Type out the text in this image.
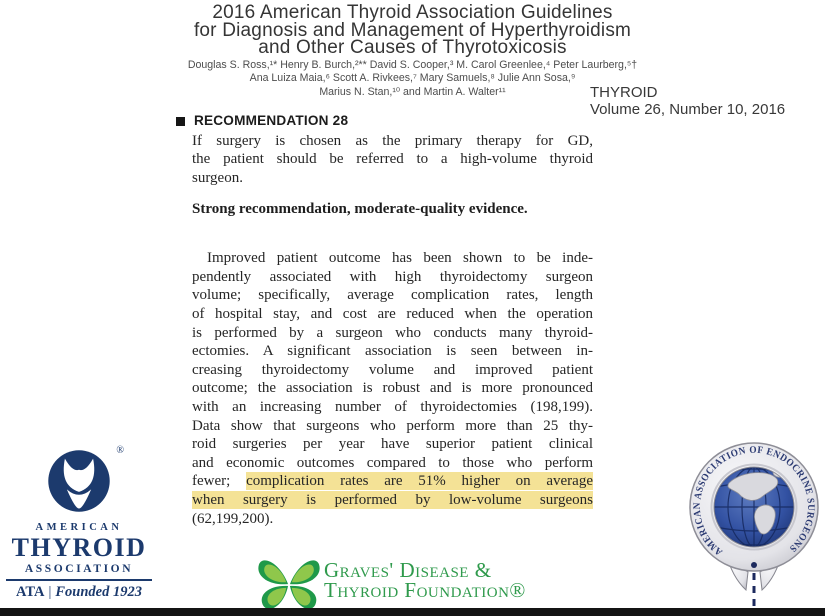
2016 American Thyroid Association Guidelines
for Diagnosis and Management of Hyperthyroidism
and Other Causes of Thyrotoxicosis
Douglas S. Ross,¹* Henry B. Burch,²** David S. Cooper,³ M. Carol Greenlee,⁴ Peter Laurberg,⁵†
Ana Luiza Maia,⁶ Scott A. Rivkees,⁷ Mary Samuels,⁸ Julie Ann Sosa,⁹
Marius N. Stan,¹⁰ and Martin A. Walter¹¹	THYROID
Volume 26, Number 10, 2016
RECOMMENDATION 28
If surgery is chosen as the primary therapy for GD,
the patient should be referred to a high-volume thyroid
surgeon.
Strong recommendation, moderate-quality evidence.
Improved patient outcome has been shown to be inde-
pendently associated with high thyroidectomy surgeon
volume; specifically, average complication rates, length
of hospital stay, and cost are reduced when the operation
is performed by a surgeon who conducts many thyroid-
ectomies. A significant association is seen between in-
creasing thyroidectomy volume and improved patient
outcome; the association is robust and is more pronounced
with an increasing number of thyroidectomies (198,199).
Data show that surgeons who perform more than 25 thy-
roid surgeries per year have superior patient clinical
and economic outcomes compared to those who perform
fewer; complication rates are 51% higher on average
when surgery is performed by low-volume surgeons
(62,199,200).
®
AMERICAN
THYROID
ASSOCIATION
ATA | Founded 1923
Graves' Disease &
Thyroid Foundation®
AMERICAN ASSOCIATION OF ENDOCRINE SURGEONS
